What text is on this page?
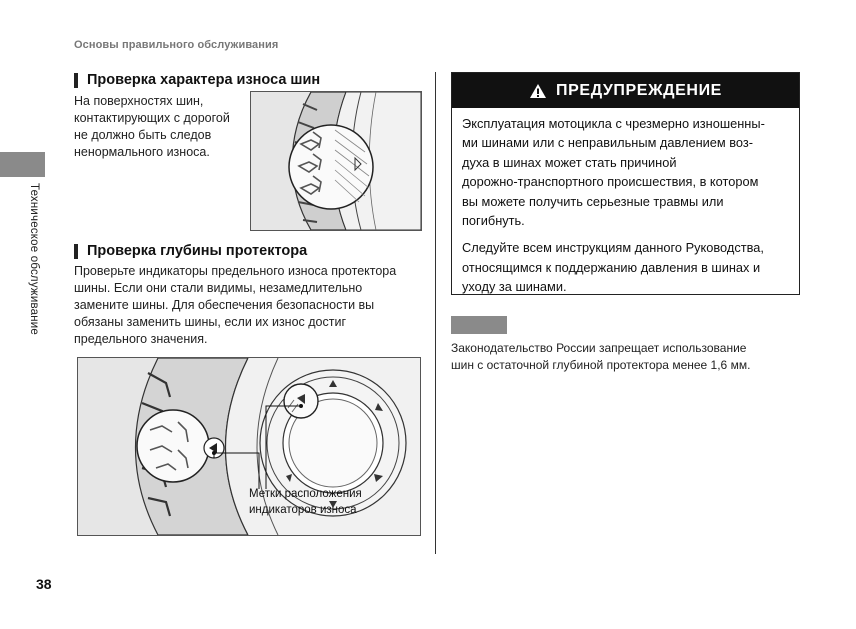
Основы правильного обслуживания
Техническое обслуживание
Проверка характера износа шин
На поверхностях шин,
контактирующих с дорогой
не должно быть следов
ненормального износа.
Проверка глубины протектора
Проверьте индикаторы предельного износа протектора
шины. Если они стали видимы, незамедлительно
замените шины. Для обеспечения безопасности вы
обязаны заменить шины, если их износ достиг
предельного значения.
Метки расположения
индикаторов износа
ПРЕДУПРЕЖДЕНИЕ

Эксплуатация мотоцикла с чрезмерно изношенны-
ми шинами или с неправильным давлением воз-
духа в шинах может стать причиной
дорожно-транспортного происшествия, в котором
вы можете получить серьезные травмы или
погибнуть.

Следуйте всем инструкциям данного Руководства,
относящимся к поддержанию давления в шинах и
уходу за шинами.

Законодательство России запрещает использование
шин с остаточной глубиной протектора менее 1,6 мм.
38
